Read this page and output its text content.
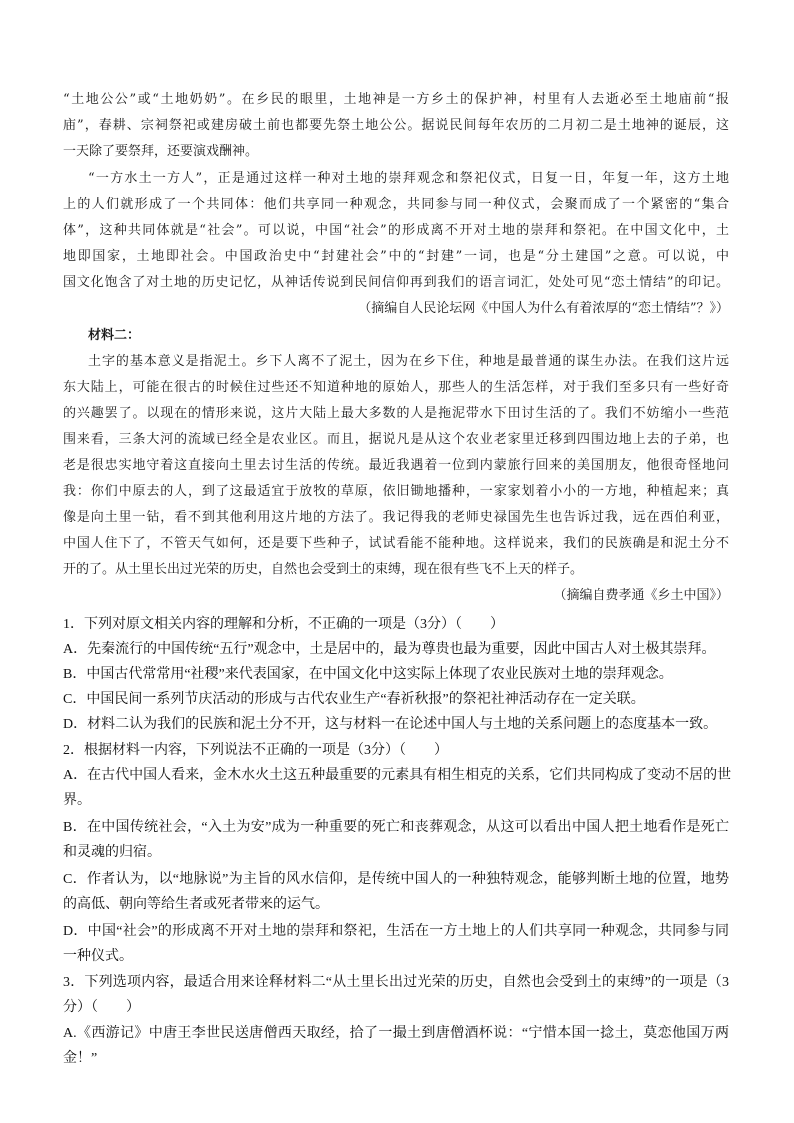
“土地公公”或“土地奶奶”。在乡民的眼里，土地神是一方乡土的保护神，村里有人去逝必至土地庙前“报
庙”，春耕、宗祠祭祀或建房破土前也都要先祭土地公公。据说民间每年农历的二月初二是土地神的诞辰，这
一天除了要祭拜，还要演戏酬神。
“一方水土一方人”，正是通过这样一种对土地的崇拜观念和祭祀仪式，日复一日，年复一年，这方土地
上的人们就形成了一个共同体：他们共享同一种观念，共同参与同一种仪式，会聚而成了一个紧密的“集合
体”，这种共同体就是“社会”。可以说，中国“社会”的形成离不开对土地的崇拜和祭祀。在中国文化中，土
地即国家，土地即社会。中国政治史中“封建社会”中的“封建”一词，也是“分土建国”之意。可以说，中
国文化饱含了对土地的历史记忆，从神话传说到民间信仰再到我们的语言词汇，处处可见“恋土情结”的印记。
（摘编自人民论坛网《中国人为什么有着浓厚的“恋土情结”？》）
材料二：
土字的基本意义是指泥土。乡下人离不了泥土，因为在乡下住，种地是最普通的谋生办法。在我们这片远
东大陆上，可能在很古的时候住过些还不知道种地的原始人，那些人的生活怎样，对于我们至多只有一些好奇
的兴趣罢了。以现在的情形来说，这片大陆上最大多数的人是拖泥带水下田讨生活的了。我们不妨缩小一些范
围来看，三条大河的流域已经全是农业区。而且，据说凡是从这个农业老家里迁移到四围边地上去的子弟，也
老是很忠实地守着这直接向土里去讨生活的传统。最近我遇着一位到内蒙旅行回来的美国朋友，他很奇怪地问
我：你们中原去的人，到了这最适宜于放牧的草原，依旧锄地播种，一家家划着小小的一方地，种植起来；真
像是向土里一钻，看不到其他利用这片地的方法了。我记得我的老师史禄国先生也告诉过我，远在西伯利亚，
中国人住下了，不管天气如何，还是要下些种子，试试看能不能种地。这样说来，我们的民族确是和泥土分不
开的了。从土里长出过光荣的历史，自然也会受到土的束缚，现在很有些飞不上天的样子。
（摘编自费孝通《乡土中国》）
1．下列对原文相关内容的理解和分析，不正确的一项是（3分）（　　）
A．先秦流行的中国传统“五行”观念中，土是居中的，最为尊贵也最为重要，因此中国古人对土极其崇拜。
B．中国古代常常用“社稷”来代表国家，在中国文化中这实际上体现了农业民族对土地的崇拜观念。
C．中国民间一系列节庆活动的形成与古代农业生产“春祈秋报”的祭祀社神活动存在一定关联。
D．材料二认为我们的民族和泥土分不开，这与材料一在论述中国人与土地的关系问题上的态度基本一致。
2．根据材料一内容，下列说法不正确的一项是（3分）（　　）
A．在古代中国人看来，金木水火土这五种最重要的元素具有相生相克的关系，它们共同构成了变动不居的世
界。
B．在中国传统社会，“入土为安”成为一种重要的死亡和丧葬观念，从这可以看出中国人把土地看作是死亡
和灵魂的归宿。
C．作者认为，以“地脉说”为主旨的风水信仰，是传统中国人的一种独特观念，能够判断土地的位置，地势
的高低、朝向等给生者或死者带来的运气。
D．中国“社会”的形成离不开对土地的崇拜和祭祀，生活在一方土地上的人们共享同一种观念，共同参与同
一种仪式。
3．下列选项内容，最适合用来诠释材料二“从土里长出过光荣的历史，自然也会受到土的束缚”的一项是（3
分）（　　）
A.《西游记》中唐王李世民送唐僧西天取经，拾了一撮土到唐僧酒杯说：“宁惜本国一捻土，莫恋他国万两
金！”
